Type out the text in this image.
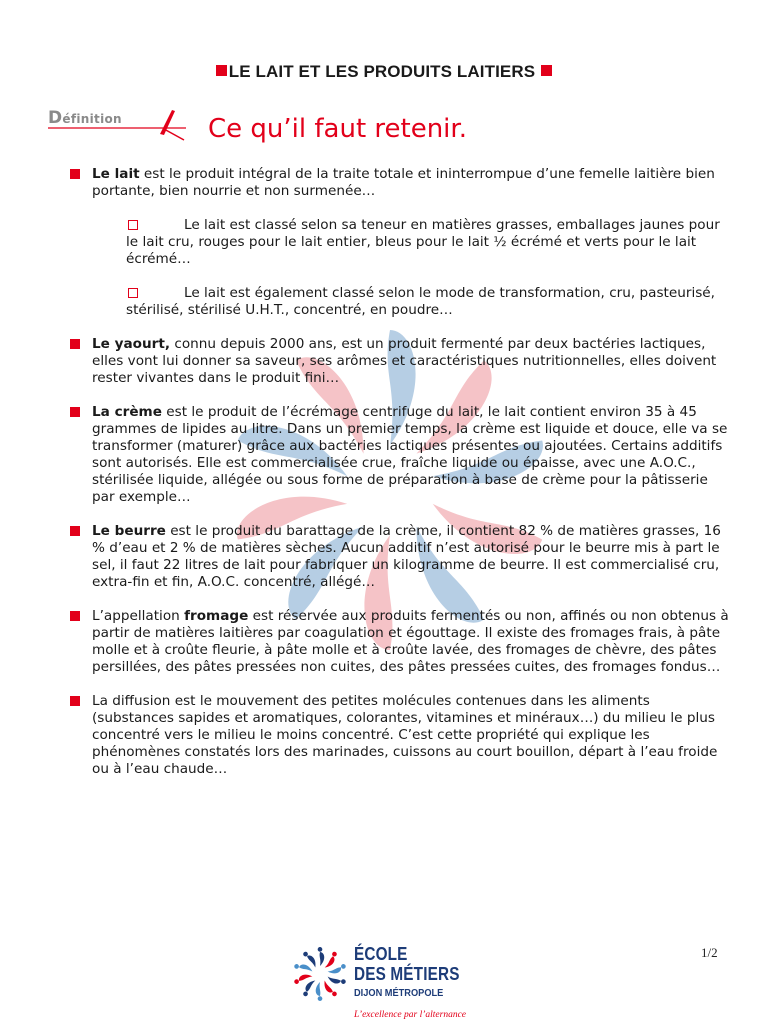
LE LAIT ET LES PRODUITS LAITIERS
Définition	Ce qu’il faut retenir.
Le lait est le produit intégral de la traite totale et ininterrompue d’une femelle laitière bien portante, bien nourrie et non surmenée…
Le lait est classé selon sa teneur en matières grasses, emballages jaunes pour le lait cru, rouges pour le lait entier, bleus pour le lait ½ écrémé et verts pour le lait écrémé…
Le lait est également classé selon le mode de transformation, cru, pasteurisé, stérilisé, stérilisé U.H.T., concentré, en poudre…
Le yaourt, connu depuis 2000 ans, est un produit fermenté par deux bactéries lactiques, elles vont lui donner sa saveur, ses arômes et caractéristiques nutritionnelles, elles doivent rester vivantes dans le produit fini…
La crème est le produit de l’écrémage centrifuge du lait, le lait contient environ 35 à 45 grammes de lipides au litre. Dans un premier temps, la crème est liquide et douce, elle va se transformer (maturer) grâce aux bactéries lactiques présentes ou ajoutées. Certains additifs sont autorisés. Elle est commercialisée crue, fraîche liquide ou épaisse, avec une A.O.C., stérilisée liquide, allégée ou sous forme de préparation à base de crème pour la pâtisserie par exemple…
Le beurre est le produit du barattage de la crème, il contient 82 % de matières grasses, 16 % d’eau et 2 % de matières sèches. Aucun additif n’est autorisé pour le beurre mis à part le sel, il faut 22 litres de lait pour fabriquer un kilogramme de beurre. Il est commercialisé cru, extra-fin et fin, A.O.C. concentré, allégé…
L’appellation fromage est réservée aux produits fermentés ou non, affinés ou non obtenus à partir de matières laitières par coagulation et égouttage. Il existe des fromages frais, à pâte molle et à croûte fleurie, à pâte molle et à croûte lavée, des fromages de chèvre, des pâtes persillées, des pâtes pressées non cuites, des pâtes pressées cuites, des fromages fondus…
La diffusion est le mouvement des petites molécules contenues dans les aliments (substances sapides et aromatiques, colorantes, vitamines et minéraux…) du milieu le plus concentré vers le milieu le moins concentré. C’est cette propriété qui explique les phénomènes constatés lors des marinades, cuissons au court bouillon, départ à l’eau froide ou à l’eau chaude…
1/2
ÉCOLE
DES MÉTIERS
DIJON MÉTROPOLE
L’excellence par l’alternance
